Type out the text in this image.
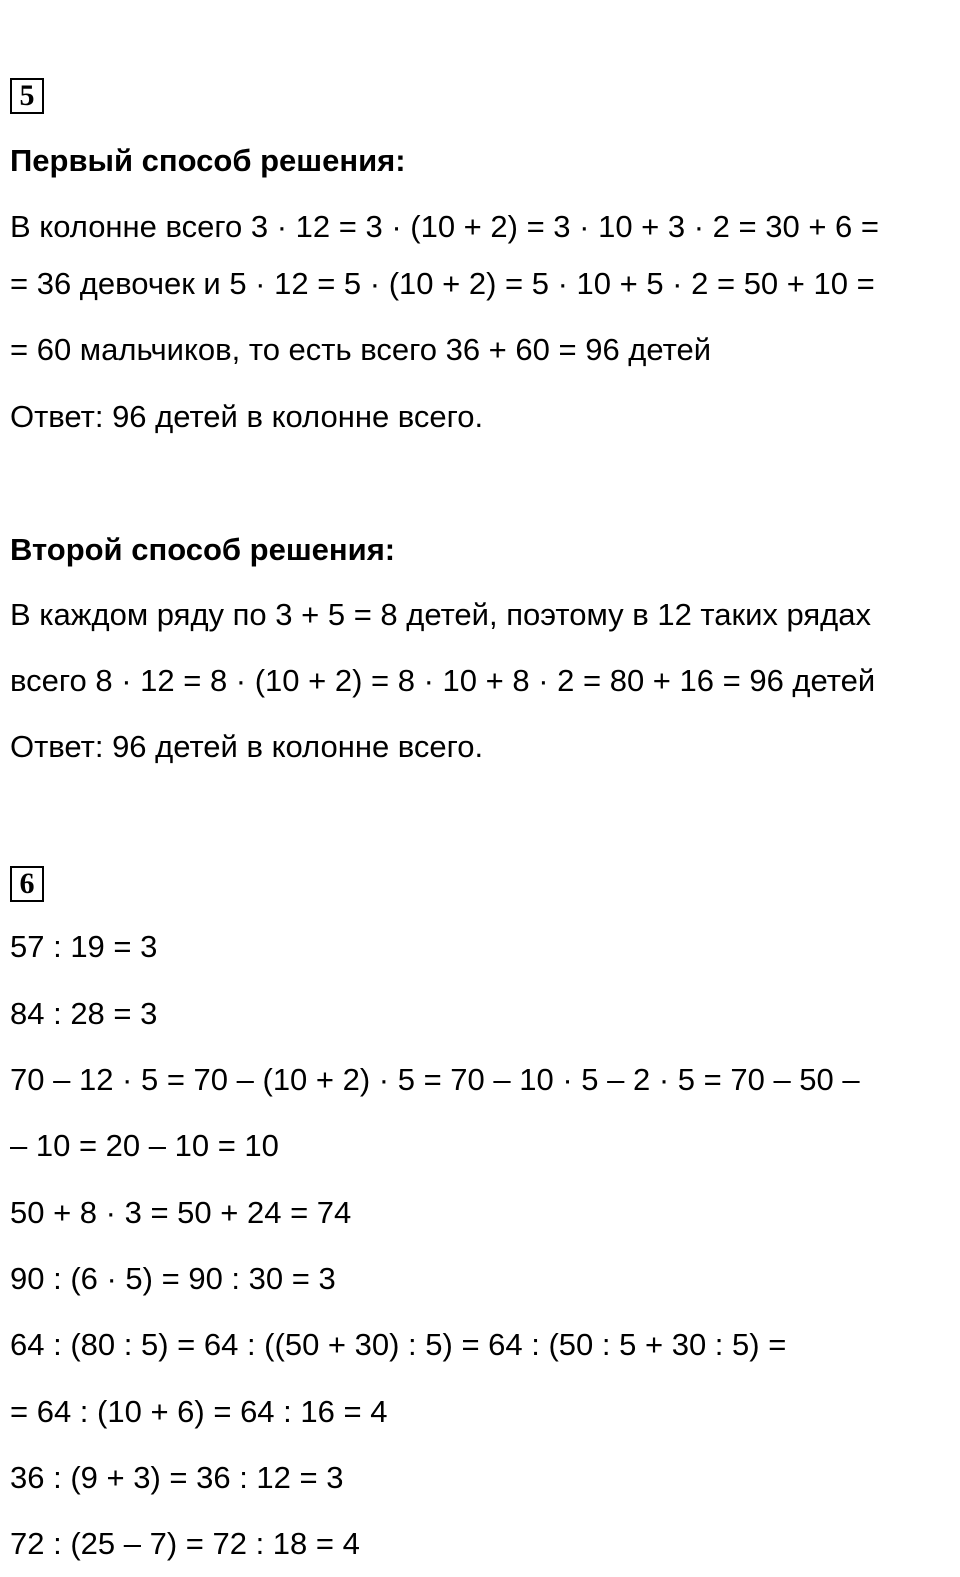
5
Первый способ решения:
В колонне всего 3 · 12 = 3 · (10 + 2) = 3 · 10 + 3 · 2 = 30 + 6 =
= 36 девочек и 5 · 12 = 5 · (10 + 2) = 5 · 10 + 5 · 2 = 50 + 10 =
= 60 мальчиков, то есть всего 36 + 60 = 96 детей
Ответ: 96 детей в колонне всего.
Второй способ решения:
В каждом ряду по 3 + 5 = 8 детей, поэтому в 12 таких рядах
всего 8 · 12 = 8 · (10 + 2) = 8 · 10 + 8 · 2 = 80 + 16 = 96 детей
Ответ: 96 детей в колонне всего.
6
57 : 19 = 3
84 : 28 = 3
70 – 12 · 5 = 70 – (10 + 2) · 5 = 70 – 10 · 5 – 2 · 5 = 70 – 50 –
– 10 = 20 – 10 = 10
50 + 8 · 3 = 50 + 24 = 74
90 : (6 · 5) = 90 : 30 = 3
64 : (80 : 5) = 64 : ((50 + 30) : 5) = 64 : (50 : 5 + 30 : 5) =
= 64 : (10 + 6) = 64 : 16 = 4
36 : (9 + 3) = 36 : 12 = 3
72 : (25 – 7) = 72 : 18 = 4
